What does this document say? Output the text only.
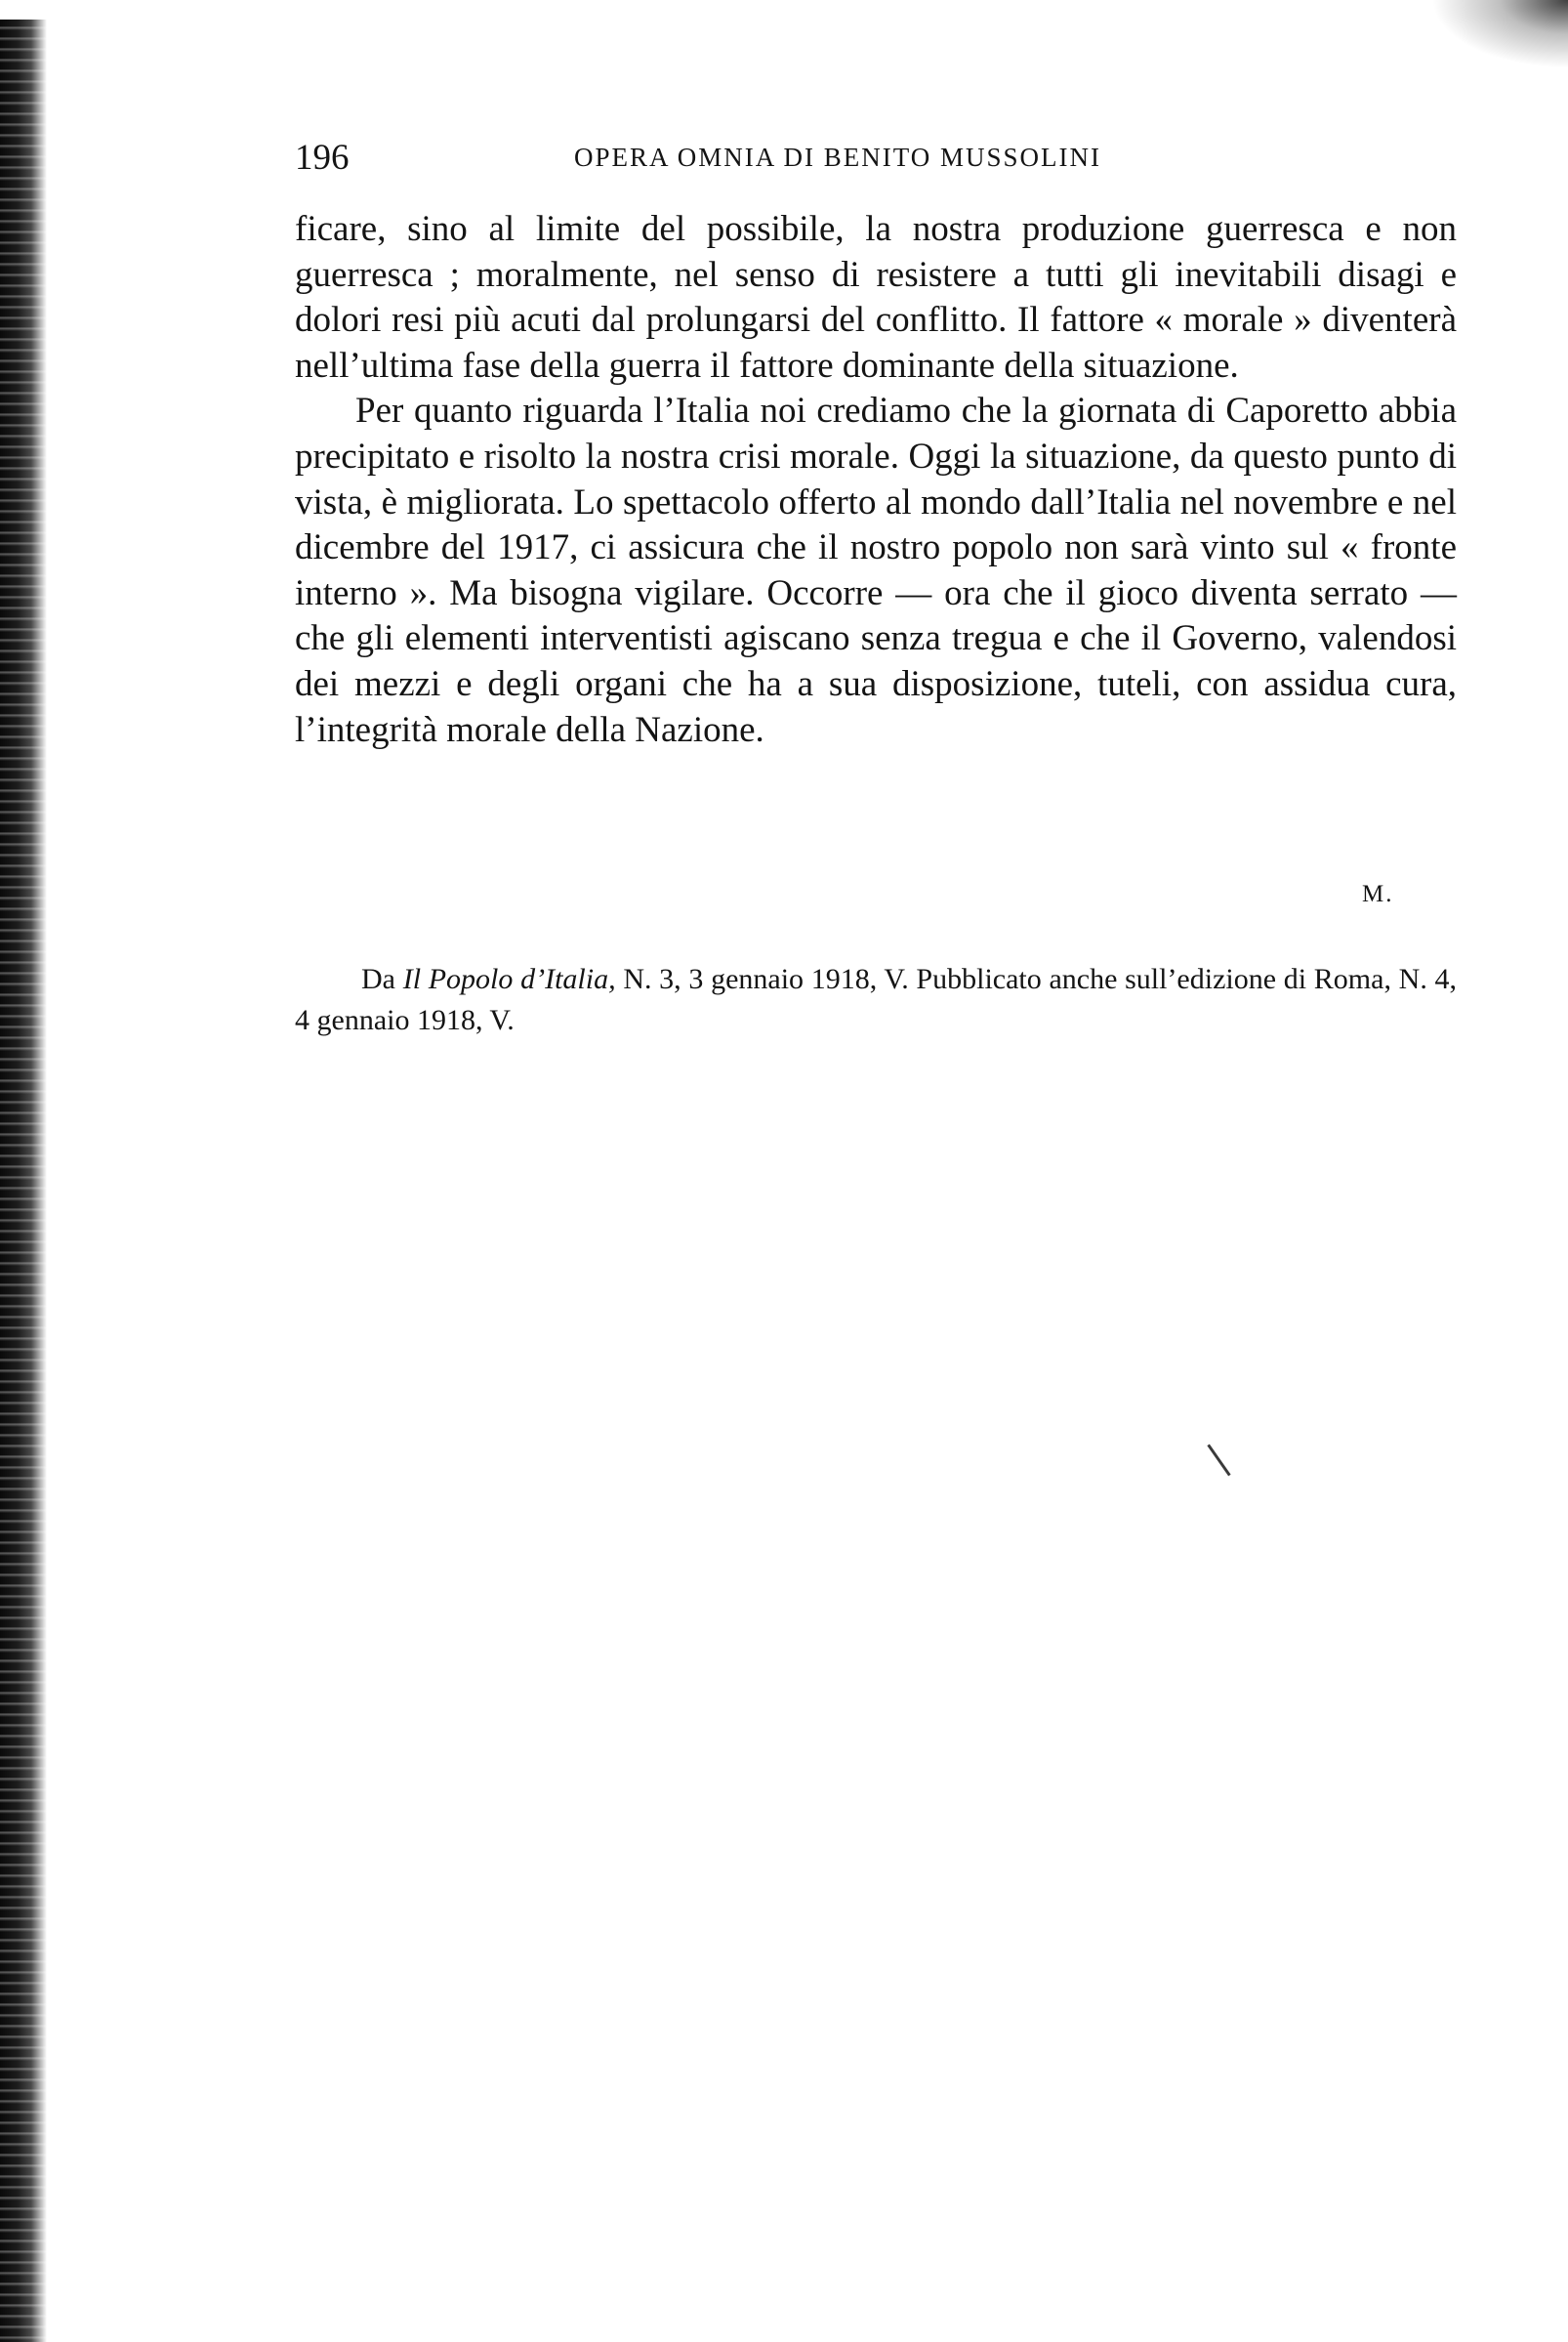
196	OPERA OMNIA DI BENITO MUSSOLINI

ficare, sino al limite del possibile, la nostra produzione guerresca e non guerresca ; moralmente, nel senso di resistere a tutti gli inevitabili disagi e dolori resi più acuti dal prolungarsi del conflitto. Il fattore « morale » diventerà nell’ultima fase della guerra il fattore dominante della situazione.

Per quanto riguarda l’Italia noi crediamo che la giornata di Caporetto abbia precipitato e risolto la nostra crisi morale. Oggi la situazione, da questo punto di vista, è migliorata. Lo spettacolo offerto al mondo dall’Italia nel novembre e nel dicembre del 1917, ci assicura che il nostro popolo non sarà vinto sul « fronte interno ». Ma bisogna vigilare. Occorre — ora che il gioco diventa serrato — che gli elementi interventisti agiscano senza tregua e che il Governo, valendosi dei mezzi e degli organi che ha a sua disposizione, tuteli, con assidua cura, l’integrità morale della Nazione.

M.
Da Il Popolo d’Italia, N. 3, 3 gennaio 1918, V. Pubblicato anche sull’edizione di Roma, N. 4, 4 gennaio 1918, V.
